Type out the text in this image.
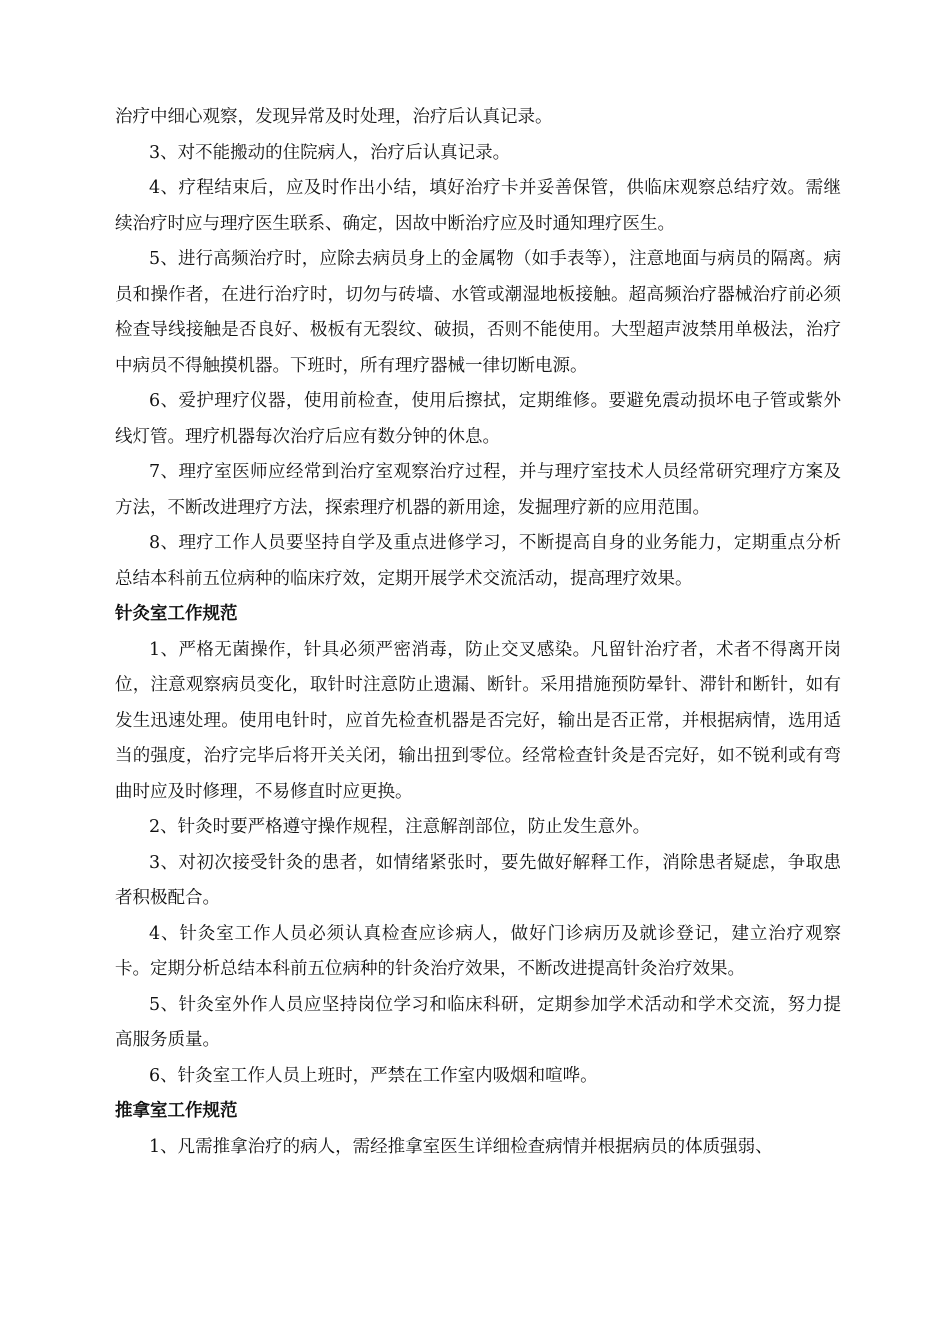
治疗中细心观察，发现异常及时处理，治疗后认真记录。

3、对不能搬动的住院病人，治疗后认真记录。

4、疗程结束后，应及时作出小结，填好治疗卡并妥善保管，供临床观察总结疗效。需继续治疗时应与理疗医生联系、确定，因故中断治疗应及时通知理疗医生。

5、进行高频治疗时，应除去病员身上的金属物（如手表等），注意地面与病员的隔离。病员和操作者，在进行治疗时，切勿与砖墙、水管或潮湿地板接触。超高频治疗器械治疗前必须检查导线接触是否良好、极板有无裂纹、破损，否则不能使用。大型超声波禁用单极法，治疗中病员不得触摸机器。下班时，所有理疗器械一律切断电源。

6、爱护理疗仪器，使用前检查，使用后擦拭，定期维修。要避免震动损坏电子管或紫外线灯管。理疗机器每次治疗后应有数分钟的休息。

7、理疗室医师应经常到治疗室观察治疗过程，并与理疗室技术人员经常研究理疗方案及方法，不断改进理疗方法，探索理疗机器的新用途，发掘理疗新的应用范围。

8、理疗工作人员要坚持自学及重点进修学习，不断提高自身的业务能力，定期重点分析总结本科前五位病种的临床疗效，定期开展学术交流活动，提高理疗效果。

针灸室工作规范

1、严格无菌操作，针具必须严密消毒，防止交叉感染。凡留针治疗者，术者不得离开岗位，注意观察病员变化，取针时注意防止遗漏、断针。采用措施预防晕针、滞针和断针，如有发生迅速处理。使用电针时，应首先检查机器是否完好，输出是否正常，并根据病情，选用适当的强度，治疗完毕后将开关关闭，输出扭到零位。经常检查针灸是否完好，如不锐利或有弯曲时应及时修理，不易修直时应更换。

2、针灸时要严格遵守操作规程，注意解剖部位，防止发生意外。

3、对初次接受针灸的患者，如情绪紧张时，要先做好解释工作，消除患者疑虑，争取患者积极配合。

4、针灸室工作人员必须认真检查应诊病人，做好门诊病历及就诊登记，建立治疗观察卡。定期分析总结本科前五位病种的针灸治疗效果，不断改进提高针灸治疗效果。

5、针灸室外作人员应坚持岗位学习和临床科研，定期参加学术活动和学术交流，努力提高服务质量。

6、针灸室工作人员上班时，严禁在工作室内吸烟和喧哗。

推拿室工作规范

1、凡需推拿治疗的病人，需经推拿室医生详细检查病情并根据病员的体质强弱、
